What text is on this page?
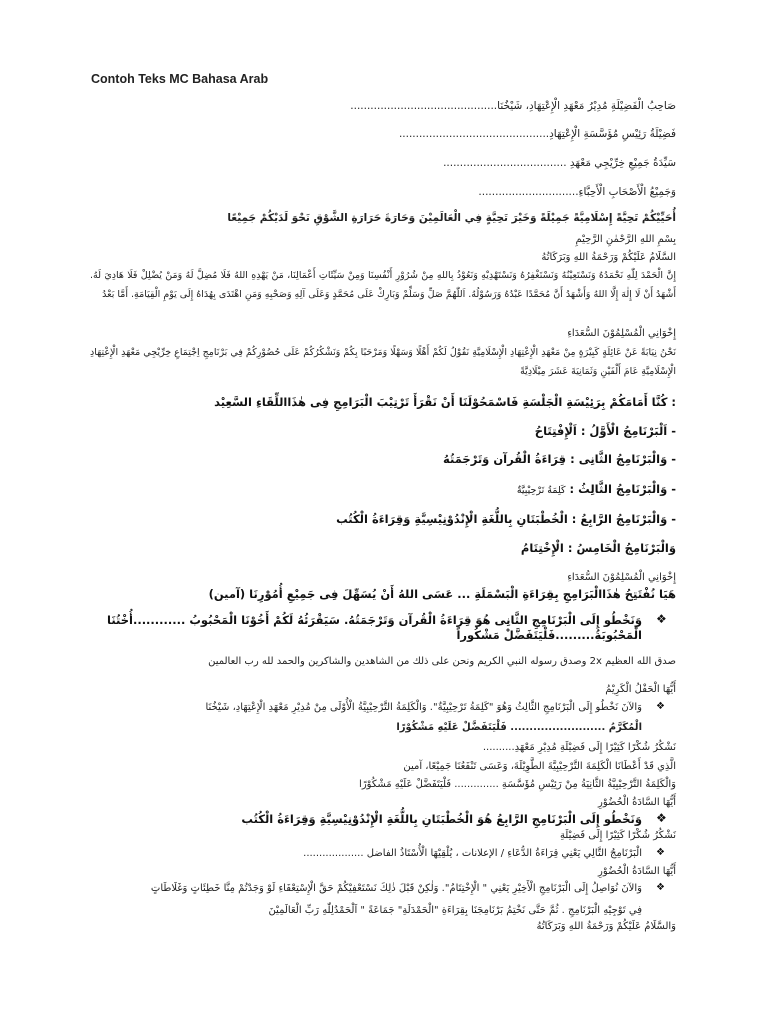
Contoh Teks MC Bahasa Arab
صَاحِبُ الْفَضِيْلَةِ مُدِيْرُ مَعْهَدِ الْإِعْتِهَادِ، شَيْخُنَا............................................
فَضِيْلَةُ رَئِيْسِ مُؤَسَّسَةِ الْإِعْتِهَادِ.............................................
سَيِّدَةُ جَمِيْعِ خِرِّيْجِي مَعْهَدِ .....................................
وَجَمِيْعُ الْأَصْحَابِ الْأَحِبَّاءِ..............................
أُحَيِّيْكُمْ تَحِيَّةً إِسْلَامِيَّةً جَمِيْلَةً وَخَيْرَ تَحِيَّةٍ فِي الْعَالَمِيْنَ وَحَارَةَ حَرَارَةِ الشَّوْقِ نَحْوَ لَدَيْكُمْ جَمِيْعًا
بِسْمِ اللهِ الرَّحْمٰنِ الرَّحِيْمِ
السَّلَامُ عَلَيْكُمْ وَرَحْمَةُ اللهِ وَبَرَكَاتُهُ
إِنَّ الْحَمْدَ لِلّٰهِ نَحْمَدُهُ وَنَسْتَعِيْنُهُ وَنَسْتَغْفِرُهُ وَنَسْتَهْدِيْهِ وَنَعُوْذُ بِاللهِ مِنْ شُرُوْرِ أَنْفُسِنَا وَمِنْ سَيِّئَاتِ أَعْمَالِنَا، مَنْ يَهْدِهِ اللهُ فَلَا مُضِلَّ لَهُ وَمَنْ يُضْلِلْ فَلَا هَادِيَ لَهُ. أَشْهَدُ أَنْ لَا إِلٰهَ إِلَّا اللهُ وَأَشْهَدُ أَنَّ مُحَمَّدًا عَبْدُهُ وَرَسُوْلُهُ. اَللّٰهُمَّ صَلِّ وَسَلِّمْ وَبَارِكْ عَلَى مُحَمَّدٍ وَعَلَى آلِهِ وَصَحْبِهِ وَمَنِ اهْتَدَى بِهُدَاهُ إِلَى يَوْمِ الْقِيَامَةِ. أَمَّا بَعْدُ
إِخْوَانِي الْمُسْلِمُوْنَ السُّعَدَاءِ
نَحْنُ نِيَابَةً عَنْ عَائِلَةٍ كَبِيْرَةٍ مِنْ مَعْهَدِ الْإِعْتِهَادِ الْإِسْلَامِيَّةِ نَقُوْلُ لَكُمْ أَهْلًا وَسَهْلًا وَمَرْحَبًا بِكُمْ وَنَشْكُرُكُمْ عَلَى حُضُوْرِكُمْ فِي بَرْنَامِجِ اِجْتِمَاعِ خِرِّيْجِي مَعْهَدِ الْإِعْتِهَادِ الْإِسْلَامِيَّةِ عَامَ أَلْفَيْنِ وَثَمَانِيَةَ عَشَرَ مِيْلَادِيَّةً
: كُنَّا أَمَامَكُمْ بِرَئِيْسَةِ الْجَلْسَةِ فَاسْمَحُوْلَنَا أَنْ نَقْرَأَ تَرْتِيْبَ الْبَرَامِجِ فِى هٰذَااللِّقَاءِ السَّعِيْد
- اَلْبَرْنَامِجُ الْأَوَّلُ : اَلْإِفْتِتَاحُ
- وَالْبَرْنَامِجُ الثَّانِى : قِرَاءَةُ الْقُرآن وَتَرْجَمَتُهُ
- وَالْبَرْنَامِجُ الثَّالِثُ : كَلِمَةُ تَرْحِيْبِيَّةٌ
- وَالْبَرْنَامِجُ الرَّابِعُ : الْخُطْبَتَانِ بِاللُّغَةِ الْإِنْدُوْنِيْسِيَّةِ وَقِرَاءَةُ الْكُتُب
وَالْبَرْنَامِجُ الْخَامِسُ : الْإِخْتِتَامُ
إِخْوَانِي الْمُسْلِمُوْنَ السُّعَدَاءِ
هَيَا نُفْتَتِحُ هٰذَاالْبَرَامِجِ بِقِرَاءَةِ الْبَسْمَلَةِ ... عَسَى اللهُ أَنْ يُسَهِّلَ فِى جَمِيْعِ أُمُوْرِنَا (آمين)
❖
وَنَخْطُو إِلَى الْبَرْنَامِجِ الثَّانِى هُوَ قِرَاءَةُ الْقُرآن وَتَرْجَمَتُهُ. سَيَقْرَئُهُ لَكُمْ أَخُوْنَا الْمَحْبُوبُ ............أُخْتُنَا
الْمَحْبُوبَةُ.........فَلْيَتَفَضَّلْ مَشْكُوراً
صدق الله العظيم 2x وصدق رسوله النبي الكريم ونحن على ذلك من الشاهدين والشاكرين والحمد لله رب العالمين
أَيُّهَا الْحَفْلُ الْكَرِيْمُ
❖
وَالآنَ نَخْطُو إِلَى الْبَرْنَامِجِ الثَّالِثُ وَهُوَ "كَلِمَةُ تَرْحِيْبِيَّةٌ". وَالْكَلِمَةُ التَّرْحِيْبِيَّةُ الْأُوْلَى مِنْ مُدِيْرِ مَعْهَدِ الْإِعْتِهَادِ، شَيْخُنَا
الْمُكَرَّمُ ......................... فَلْيَتَفَضَّلْ عَلَيْهِ مَشْكُوْرًا
نَشْكُرُ شُكْرًا كَثِيْرًا إِلَى فَضِيْلَةِ مُدِيْرِ مَعْهَدِ..........
الَّذِي قَدْ أَعْطَانَا الْكَلِمَةَ التَّرْحِيْبِيَّةَ الطَّوِيْلَةَ، وَعَسَى تَنْفَعُنَا جَمِيْعًا، آمين
وَالْكَلِمَةُ التَّرْحِيْبِيَّةُ الثَّانِيَةُ مِنْ رَئِيْسِ مُؤَسَّسَةِ .............. فَلْيَتَفَضَّلْ عَلَيْهِ مَشْكُوْرًا
أَيُّهَا السَّادَةُ الْحُضُوْرِ
❖
وَنَخْطُو إِلَى الْبَرْنَامِجِ الرَّابِعُ هُوَ الْخُطْبَتَانِ بِاللُّغَةِ الْإِنْدُوْنِيْسِيَّةِ وَقِرَاءَةُ الْكُتُب
نَشْكُرُ شُكْرًا كَثِيْرًا إِلَى فَضِيْلَةِ
❖
الْبَرْنَامِجُ التَّالِي يَعْنِي قِرَاءَةُ الدُّعَاءِ / الإعلانات ، يُلْقِيْهَا الْأُسْتَاذُ الفاضل ...................
أَيُّهَا السَّادَةُ الْحُضُوْرِ
❖
وَالآنَ نُوَاصِلُ إِلَى الْبَرْنَامِجِ الْأَخِيْرِ يَعْنِي " الْإِخْتِتَامُ". وَلٰكِنْ قَبْلَ ذٰلِكَ نَسْتَعْفِيْكُمْ حَقَّ الْإِسْتِعْفَاءِ لَوْ وَجَدْتُمْ مِنَّا خَطِئَاتٍ وَغَلَاطَاتٍ
فِي تَوْجِيْهِ الْبَرْنَامِجِ . ثُمَّ حَتَّى نَخْتِمُ بَرْنَامِجَنَا بِقِرَاءَةِ "الْحَمْدَلَةِ" جَمَاعَةً " اَلْحَمْدُلِلّٰهِ رَبِّ الْعَالَمِيْنَ
وَالسَّلَامُ عَلَيْكُمْ وَرَحْمَةُ اللهِ وَبَرَكَاتُهُ
